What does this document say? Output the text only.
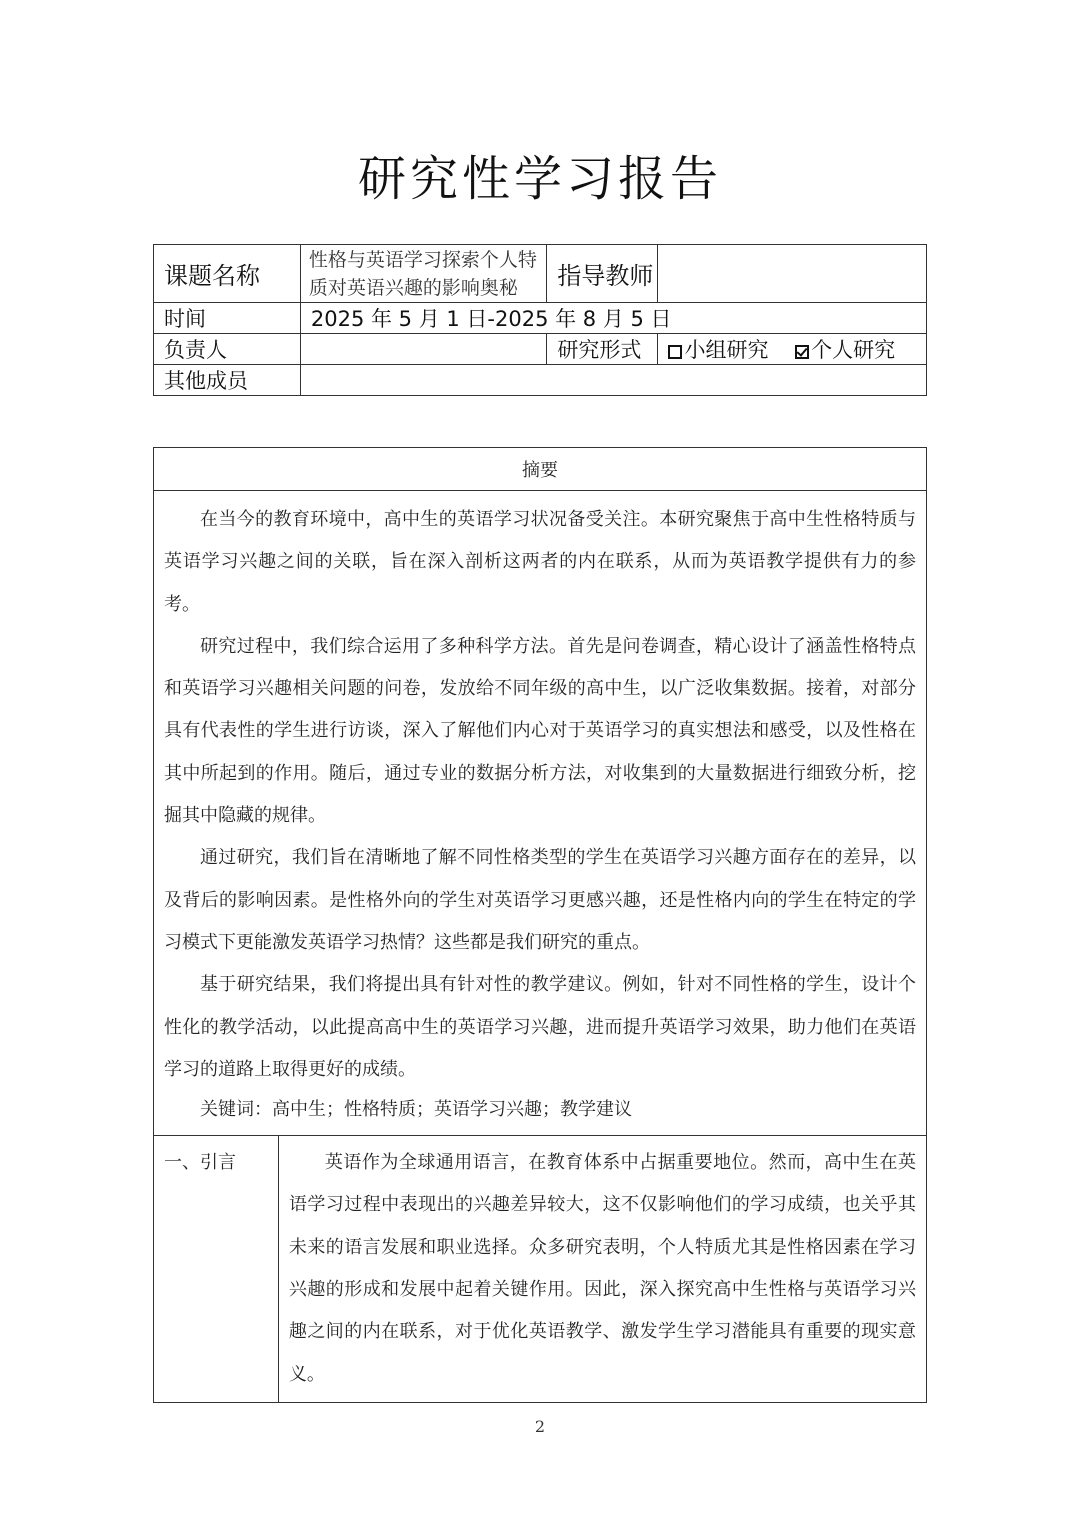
研究性学习报告
课题名称	性格与英语学习探索个人特质对英语兴趣的影响奥秘	指导教师	
时间	2025 年 5 月 1 日-2025 年 8 月 5 日		
负责人		研究形式	小组研究 个人研究
其他成员			
摘要

在当今的教育环境中，高中生的英语学习状况备受关注。本研究聚焦于高中生性格特质与英语学习兴趣之间的关联，旨在深入剖析这两者的内在联系，从而为英语教学提供有力的参考。

研究过程中，我们综合运用了多种科学方法。首先是问卷调查，精心设计了涵盖性格特点和英语学习兴趣相关问题的问卷，发放给不同年级的高中生，以广泛收集数据。接着，对部分具有代表性的学生进行访谈，深入了解他们内心对于英语学习的真实想法和感受，以及性格在其中所起到的作用。随后，通过专业的数据分析方法，对收集到的大量数据进行细致分析，挖掘其中隐藏的规律。

通过研究，我们旨在清晰地了解不同性格类型的学生在英语学习兴趣方面存在的差异，以及背后的影响因素。是性格外向的学生对英语学习更感兴趣，还是性格内向的学生在特定的学习模式下更能激发英语学习热情？这些都是我们研究的重点。

基于研究结果，我们将提出具有针对性的教学建议。例如，针对不同性格的学生，设计个性化的教学活动，以此提高高中生的英语学习兴趣，进而提升英语学习效果，助力他们在英语学习的道路上取得更好的成绩。

关键词：高中生；性格特质；英语学习兴趣；教学建议

一、引言	英语作为全球通用语言，在教育体系中占据重要地位。然而，高中生在英语学习过程中表现出的兴趣差异较大，这不仅影响他们的学习成绩，也关乎其未来的语言发展和职业选择。众多研究表明，个人特质尤其是性格因素在学习兴趣的形成和发展中起着关键作用。因此，深入探究高中生性格与英语学习兴趣之间的内在联系，对于优化英语教学、激发学生学习潜能具有重要的现实意义。

2
